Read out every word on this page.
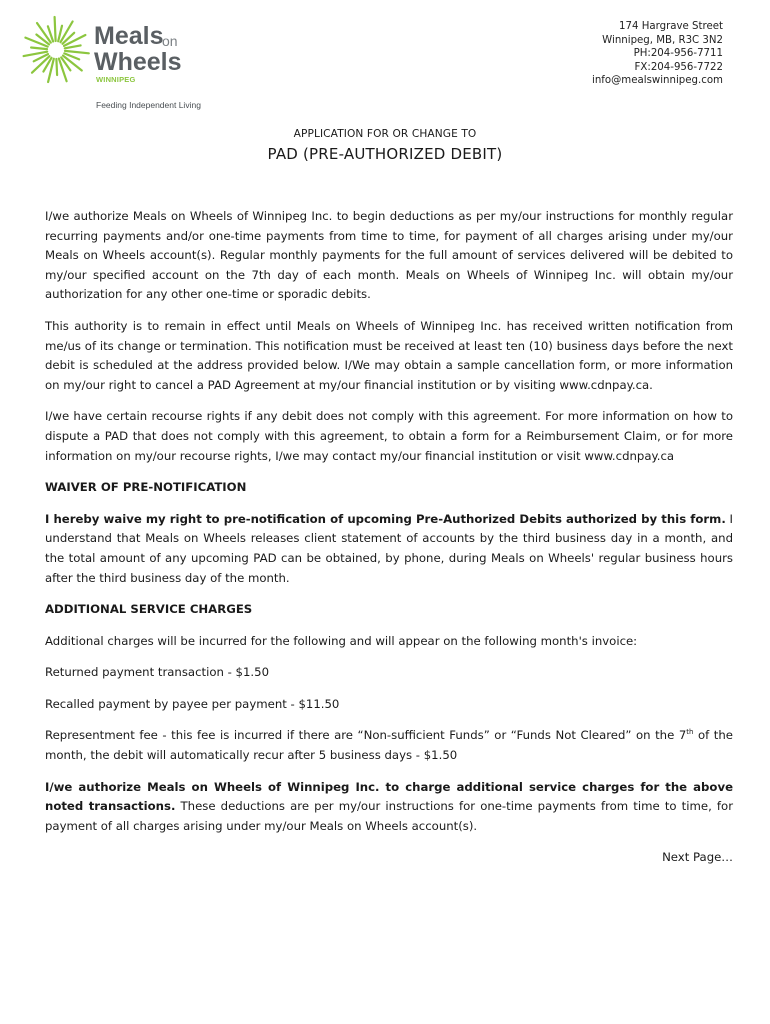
Meals
on
Wheels
WINNIPEG
Feeding Independent Living
174 Hargrave Street
Winnipeg, MB, R3C 3N2
PH:204-956-7711
FX:204-956-7722
info@mealswinnipeg.com
APPLICATION FOR OR CHANGE TO
PAD (PRE-AUTHORIZED DEBIT)

I/we authorize Meals on Wheels of Winnipeg Inc. to begin deductions as per my/our instructions for monthly regular recurring payments and/or one-time payments from time to time, for payment of all charges arising under my/our Meals on Wheels account(s). Regular monthly payments for the full amount of services delivered will be debited to my/our specified account on the 7th day of each month. Meals on Wheels of Winnipeg Inc. will obtain my/our authorization for any other one-time or sporadic debits.

This authority is to remain in effect until Meals on Wheels of Winnipeg Inc. has received written notification from me/us of its change or termination. This notification must be received at least ten (10) business days before the next debit is scheduled at the address provided below. I/We may obtain a sample cancellation form, or more information on my/our right to cancel a PAD Agreement at my/our financial institution or by visiting www.cdnpay.ca.

I/we have certain recourse rights if any debit does not comply with this agreement. For more information on how to dispute a PAD that does not comply with this agreement, to obtain a form for a Reimbursement Claim, or for more information on my/our recourse rights, I/we may contact my/our financial institution or visit www.cdnpay.ca

WAIVER OF PRE-NOTIFICATION

I hereby waive my right to pre-notification of upcoming Pre-Authorized Debits authorized by this form. I understand that Meals on Wheels releases client statement of accounts by the third business day in a month, and the total amount of any upcoming PAD can be obtained, by phone, during Meals on Wheels' regular business hours after the third business day of the month.

ADDITIONAL SERVICE CHARGES

Additional charges will be incurred for the following and will appear on the following month's invoice:

Returned payment transaction - $1.50

Recalled payment by payee per payment - $11.50

Representment fee - this fee is incurred if there are “Non-sufficient Funds” or “Funds Not Cleared” on the 7th of the month, the debit will automatically recur after 5 business days - $1.50

I/we authorize Meals on Wheels of Winnipeg Inc. to charge additional service charges for the above noted transactions. These deductions are per my/our instructions for one-time payments from time to time, for payment of all charges arising under my/our Meals on Wheels account(s).

Next Page…
